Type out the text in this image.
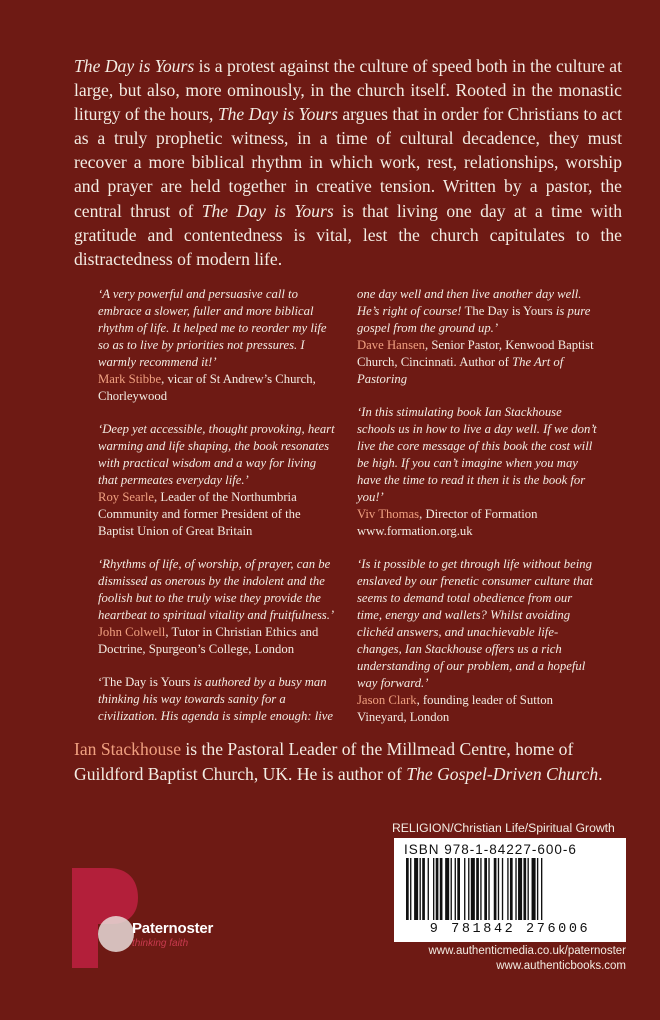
The Day is Yours is a protest against the culture of speed both in the culture at large, but also, more ominously, in the church itself. Rooted in the monastic liturgy of the hours, The Day is Yours argues that in order for Christians to act as a truly prophetic witness, in a time of cultural decadence, they must recover a more biblical rhythm in which work, rest, relationships, worship and prayer are held together in creative tension. Written by a pastor, the central thrust of The Day is Yours is that living one day at a time with gratitude and contentedness is vital, lest the church capitulates to the distractedness of modern life.

‘A very powerful and persuasive call to embrace a slower, fuller and more biblical rhythm of life. It helped me to reorder my life so as to live by priorities not pressures. I warmly recommend it!’
Mark Stibbe, vicar of St Andrew’s Church, Chorleywood

‘Deep yet accessible, thought provoking, heart warming and life shaping, the book resonates with practical wisdom and a way for living that permeates everyday life.’
Roy Searle, Leader of the Northumbria Community and former President of the Baptist Union of Great Britain

‘Rhythms of life, of worship, of prayer, can be dismissed as onerous by the indolent and the foolish but to the truly wise they provide the heartbeat to spiritual vitality and fruitfulness.’
John Colwell, Tutor in Christian Ethics and Doctrine, Spurgeon’s College, London

‘The Day is Yours is authored by a busy man thinking his way towards sanity for a civilization. His agenda is simple enough: live one day well and then live another day well. He’s right of course! The Day is Yours is pure gospel from the ground up.’
Dave Hansen, Senior Pastor, Kenwood Baptist Church, Cincinnati. Author of The Art of Pastoring

‘In this stimulating book Ian Stackhouse schools us in how to live a day well. If we don’t live the core message of this book the cost will be high. If you can’t imagine when you may have the time to read it then it is the book for you!’
Viv Thomas, Director of Formation
www.formation.org.uk

‘Is it possible to get through life without being enslaved by our frenetic consumer culture that seems to demand total obedience from our time, energy and wallets? Whilst avoiding clichéd answers, and unachievable life-changes, Ian Stackhouse offers us a rich understanding of our problem, and a hopeful way forward.’
Jason Clark, founding leader of Sutton Vineyard, London

Ian Stackhouse is the Pastoral Leader of the Millmead Centre, home of Guildford Baptist Church, UK. He is author of The Gospel-Driven Church.

Paternoster
thinking faith
RELIGION/Christian Life/Spiritual Growth
ISBN 978-1-84227-600-6
9 781842 276006
www.authenticmedia.co.uk/paternoster
www.authenticbooks.com
